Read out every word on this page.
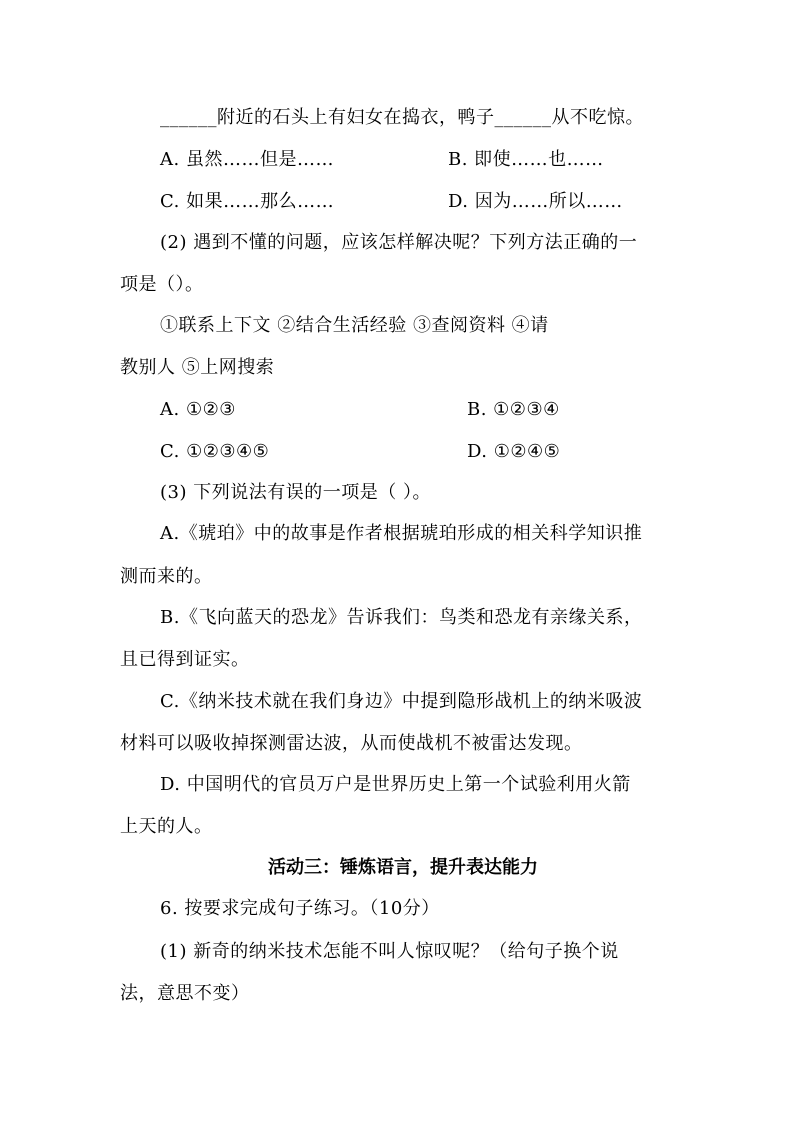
______附近的石头上有妇女在捣衣，鸭子______从不吃惊。
A. 虽然……但是……	B. 即使……也……
C. 如果……那么……	D. 因为……所以……
(2) 遇到不懂的问题，应该怎样解决呢？下列方法正确的一
项是（）。
①联系上下文 ②结合生活经验 ③查阅资料 ④请
教别人 ⑤上网搜索
A. ①②③	B. ①②③④
C. ①②③④⑤	D. ①②④⑤
(3) 下列说法有误的一项是（ ）。
A.《琥珀》中的故事是作者根据琥珀形成的相关科学知识推
测而来的。
B.《飞向蓝天的恐龙》告诉我们：鸟类和恐龙有亲缘关系，
且已得到证实。
C.《纳米技术就在我们身边》中提到隐形战机上的纳米吸波
材料可以吸收掉探测雷达波，从而使战机不被雷达发现。
D. 中国明代的官员万户是世界历史上第一个试验利用火箭
上天的人。
活动三：锤炼语言，提升表达能力
6. 按要求完成句子练习。（10分）
(1) 新奇的纳米技术怎能不叫人惊叹呢？（给句子换个说
法，意思不变）
